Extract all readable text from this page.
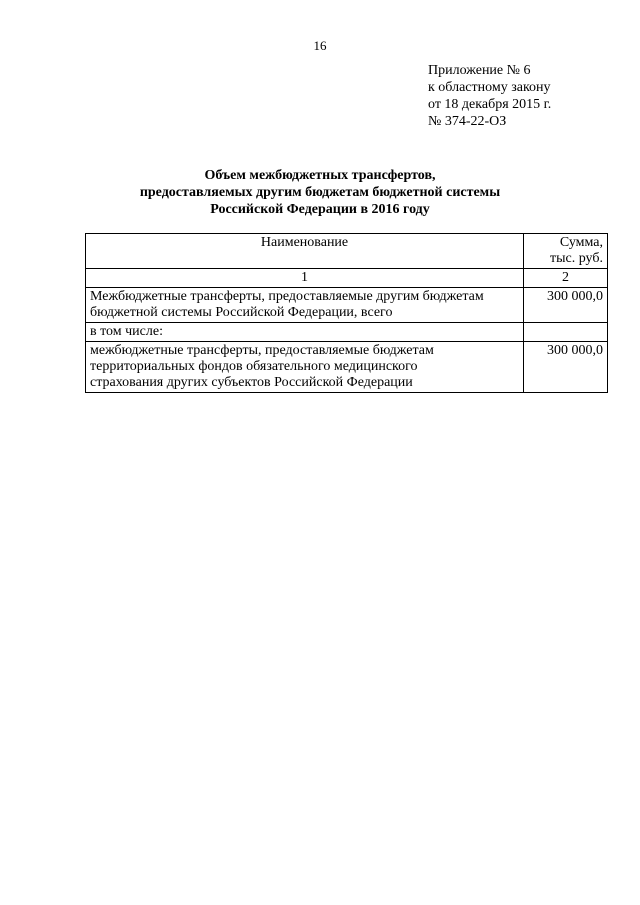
16
Приложение № 6
к областному закону
от 18 декабря 2015 г.
№ 374-22-ОЗ
Объем межбюджетных трансфертов,
предоставляемых другим бюджетам бюджетной системы
Российской Федерации в 2016 году
Наименование	Сумма,
тыс. руб.

1	2

Межбюджетные трансферты, предоставляемые другим бюджетам
бюджетной системы Российской Федерации, всего	300 000,0

в том числе:	

межбюджетные трансферты, предоставляемые бюджетам
территориальных фондов обязательного медицинского
страхования других субъектов Российской Федерации	300 000,0
